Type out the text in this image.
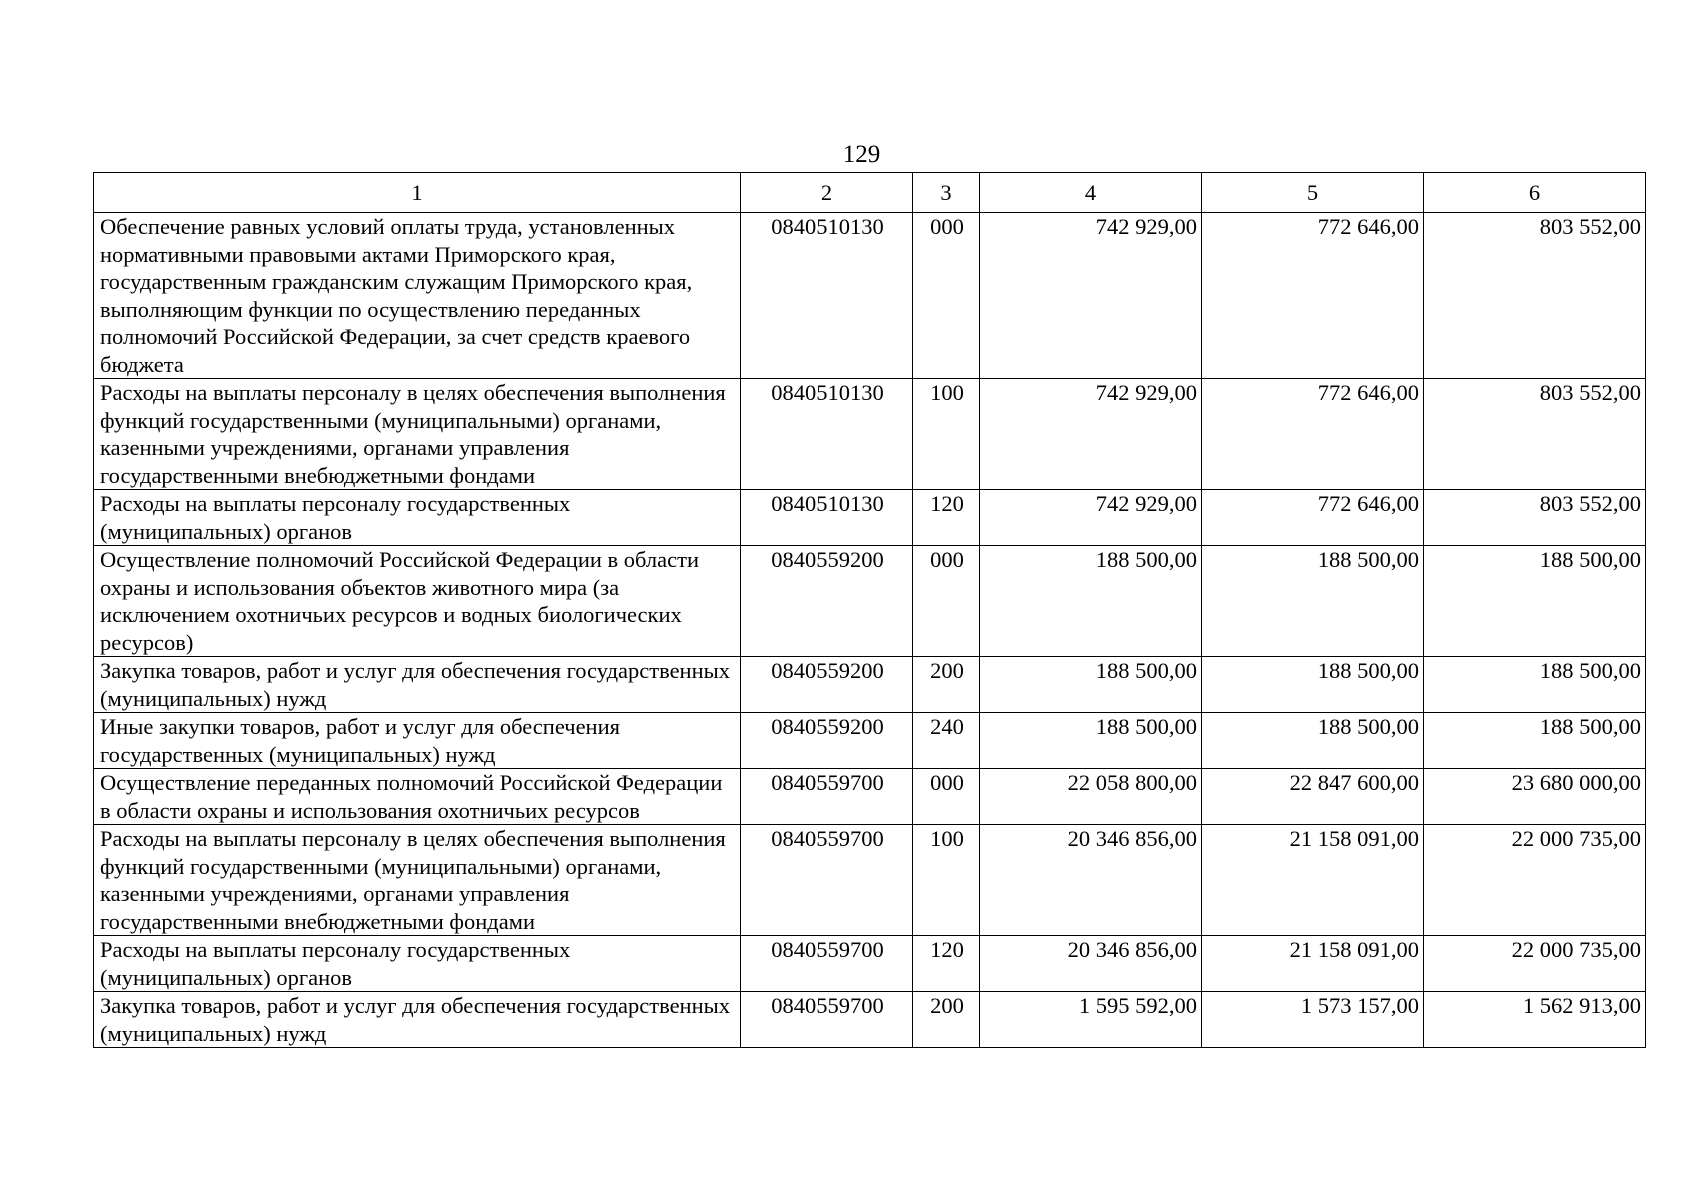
129
1	2	3	4	5	6
Обеспечение равных условий оплаты труда, установленных нормативными правовыми актами Приморского края, государственным гражданским служащим Приморского края, выполняющим функции по осуществлению переданных полномочий Российской Федерации, за счет средств краевого бюджета	0840510130	000	742 929,00	772 646,00	803 552,00
Расходы на выплаты персоналу в целях обеспечения выполнения функций государственными (муниципальными) органами, казенными учреждениями, органами управления государственными внебюджетными фондами	0840510130	100	742 929,00	772 646,00	803 552,00
Расходы на выплаты персоналу государственных (муниципальных) органов	0840510130	120	742 929,00	772 646,00	803 552,00
Осуществление полномочий Российской Федерации в области охраны и использования объектов животного мира (за исключением охотничьих ресурсов и водных биологических ресурсов)	0840559200	000	188 500,00	188 500,00	188 500,00
Закупка товаров, работ и услуг для обеспечения государственных (муниципальных) нужд	0840559200	200	188 500,00	188 500,00	188 500,00
Иные закупки товаров, работ и услуг для обеспечения государственных (муниципальных) нужд	0840559200	240	188 500,00	188 500,00	188 500,00
Осуществление переданных полномочий Российской Федерации в области охраны и использования охотничьих ресурсов	0840559700	000	22 058 800,00	22 847 600,00	23 680 000,00
Расходы на выплаты персоналу в целях обеспечения выполнения функций государственными (муниципальными) органами, казенными учреждениями, органами управления государственными внебюджетными фондами	0840559700	100	20 346 856,00	21 158 091,00	22 000 735,00
Расходы на выплаты персоналу государственных (муниципальных) органов	0840559700	120	20 346 856,00	21 158 091,00	22 000 735,00
Закупка товаров, работ и услуг для обеспечения государственных (муниципальных) нужд	0840559700	200	1 595 592,00	1 573 157,00	1 562 913,00
